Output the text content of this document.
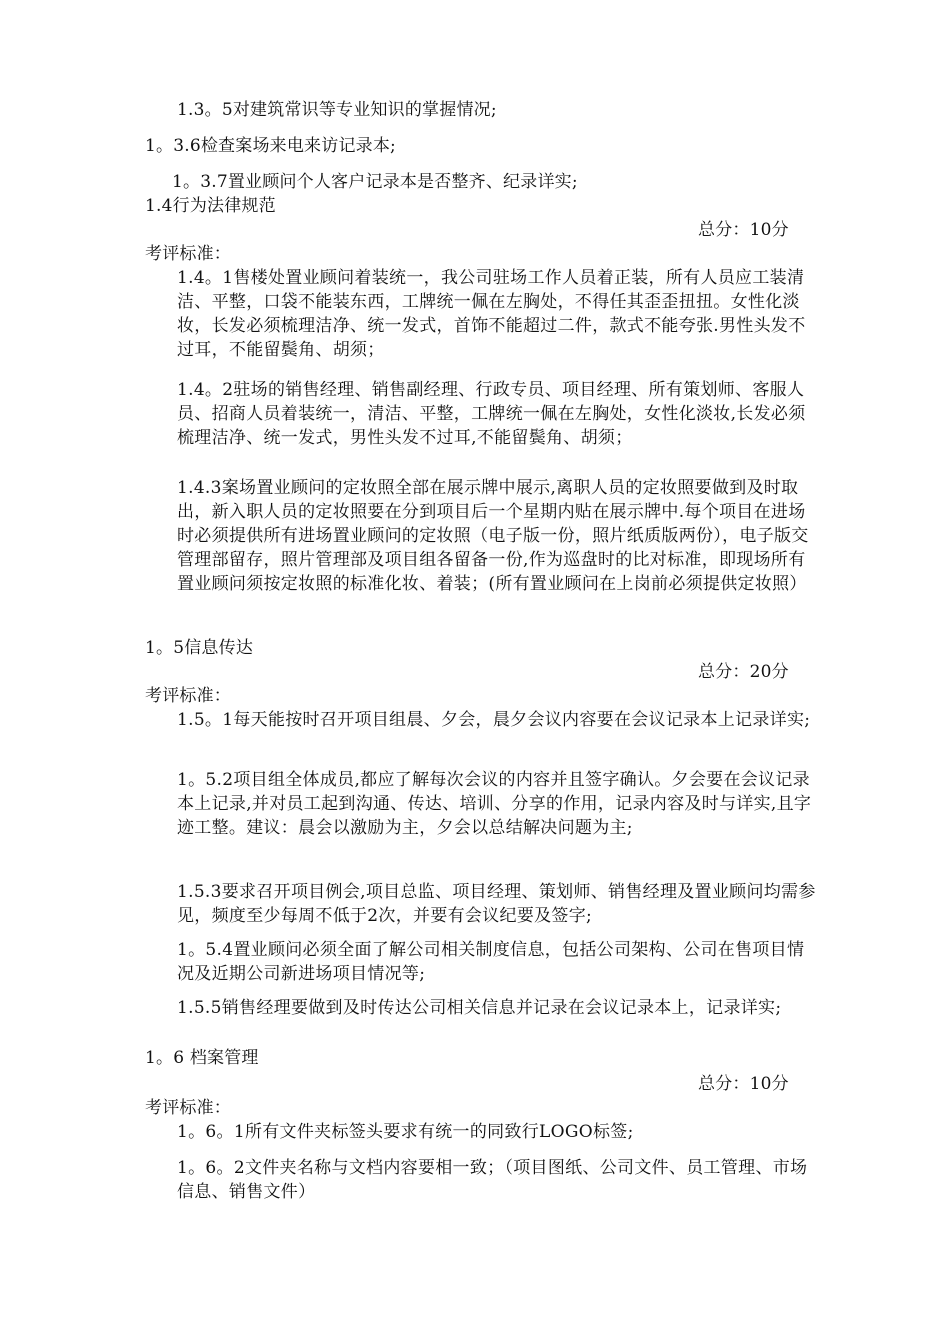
1.3。5对建筑常识等专业知识的掌握情况;
1。3.6检查案场来电来访记录本;
1。3.7置业顾问个人客户记录本是否整齐、纪录详实;
1.4行为法律规范
总分：10分
考评标准：
1.4。1售楼处置业顾问着装统一，我公司驻场工作人员着正装，所有人员应工装清洁、平整，口袋不能装东西，工牌统一佩在左胸处，不得任其歪歪扭扭。女性化淡妆，长发必须梳理洁净、统一发式，首饰不能超过二件，款式不能夸张.男性头发不过耳，不能留鬓角、胡须；
1.4。2驻场的销售经理、销售副经理、行政专员、项目经理、所有策划师、客服人员、招商人员着装统一，清洁、平整，工牌统一佩在左胸处，女性化淡妆,长发必须梳理洁净、统一发式，男性头发不过耳,不能留鬓角、胡须；
1.4.3案场置业顾问的定妆照全部在展示牌中展示,离职人员的定妆照要做到及时取出，新入职人员的定妆照要在分到项目后一个星期内贴在展示牌中.每个项目在进场时必须提供所有进场置业顾问的定妆照（电子版一份，照片纸质版两份），电子版交管理部留存，照片管理部及项目组各留备一份,作为巡盘时的比对标准，即现场所有置业顾问须按定妆照的标准化妆、着装；(所有置业顾问在上岗前必须提供定妆照）
1。5信息传达
总分：20分
考评标准：
1.5。1每天能按时召开项目组晨、夕会，晨夕会议内容要在会议记录本上记录详实;
1。5.2项目组全体成员,都应了解每次会议的内容并且签字确认。夕会要在会议记录本上记录,并对员工起到沟通、传达、培训、分享的作用，记录内容及时与详实,且字迹工整。建议：晨会以激励为主，夕会以总结解决问题为主;
1.5.3要求召开项目例会,项目总监、项目经理、策划师、销售经理及置业顾问均需参见，频度至少每周不低于2次，并要有会议纪要及签字;
1。5.4置业顾问必须全面了解公司相关制度信息，包括公司架构、公司在售项目情况及近期公司新进场项目情况等;
1.5.5销售经理要做到及时传达公司相关信息并记录在会议记录本上，记录详实;
1。6 档案管理
总分：10分
考评标准：
1。6。1所有文件夹标签头要求有统一的同致行LOGO标签;
1。6。2文件夹名称与文档内容要相一致；（项目图纸、公司文件、员工管理、市场信息、销售文件）
